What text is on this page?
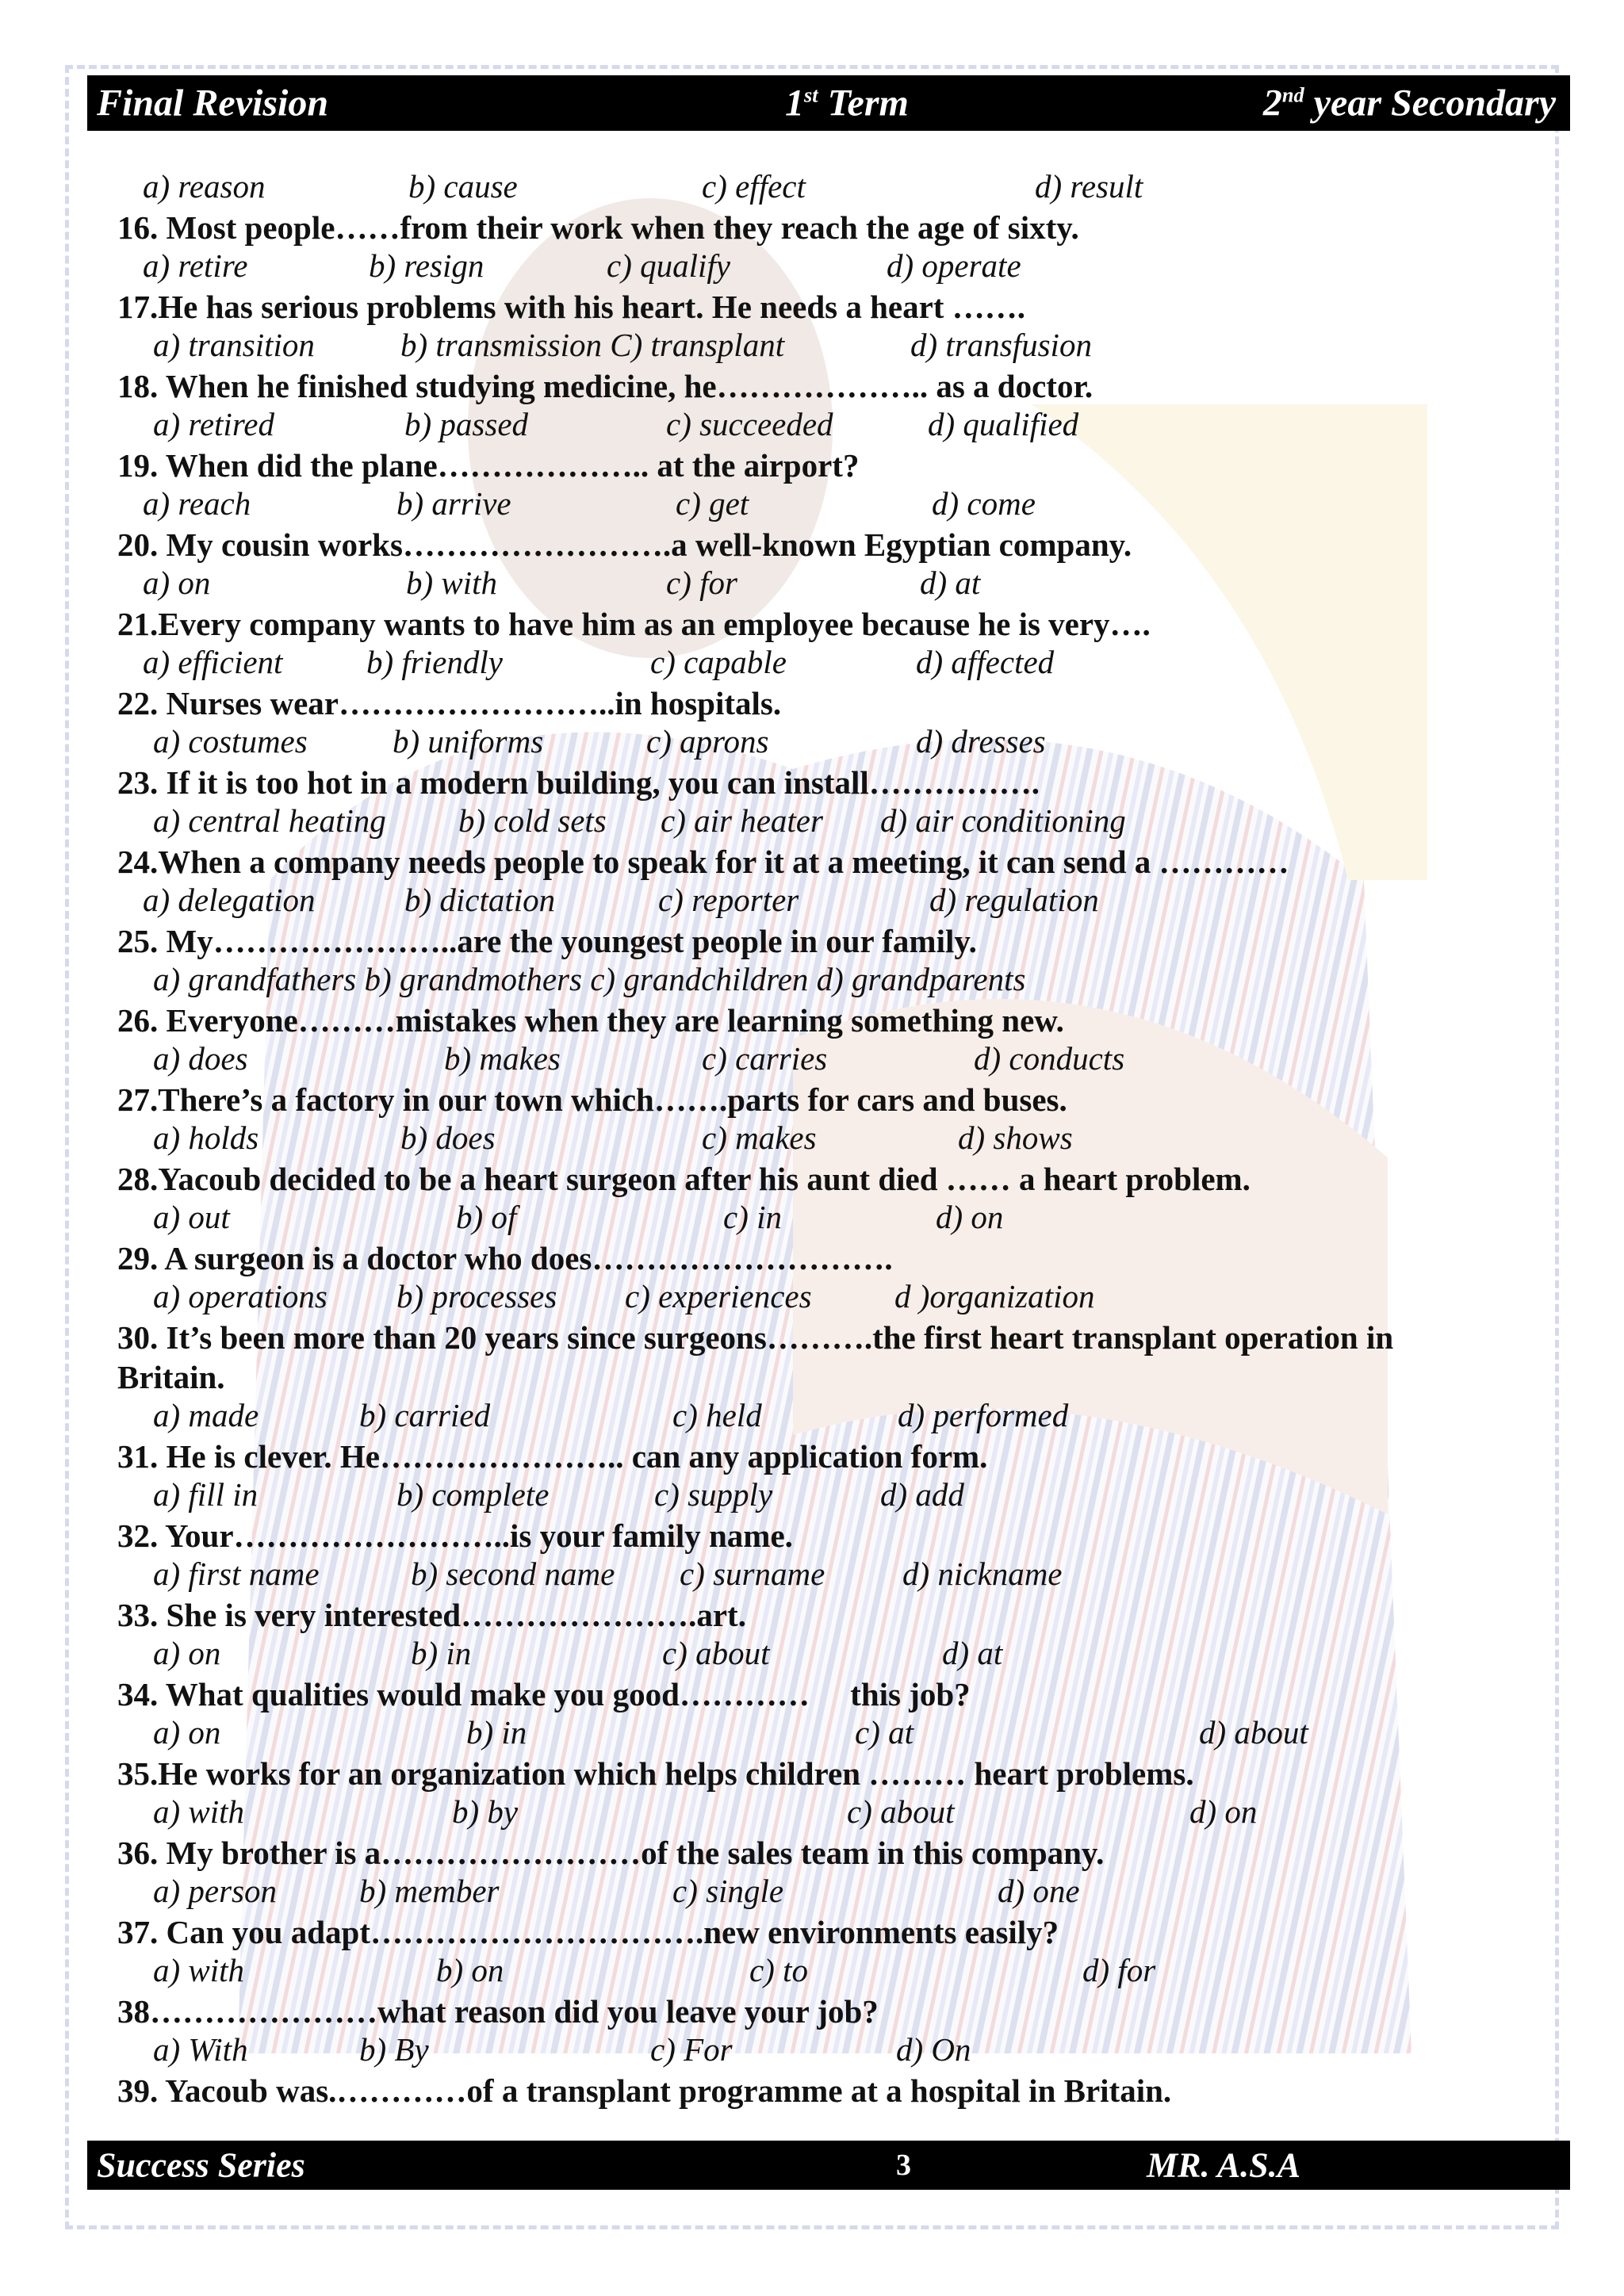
Final Revision	1st Term	2nd year Secondary
a) reason	b) cause	c) effect	d) result
16. Most people……from their work when they reach the age of sixty.
a) retire	b) resign	c) qualify	d) operate
17.He has serious problems with his heart. He needs a heart …….
a) transition	b) transmission C) transplant	d) transfusion
18. When he finished studying medicine, he……………….. as a doctor.
a) retired	b) passed	c) succeeded	d) qualified
19. When did the plane……………….. at the airport?
a) reach	b) arrive	c) get	d) come
20. My cousin works…………………….a well-known Egyptian company.
a) on	b) with	c) for	d) at
21.Every company wants to have him as an employee because he is very….
a) efficient	b) friendly	c) capable	d) affected
22. Nurses wear……………………..in hospitals.
a) costumes	b) uniforms	c) aprons	d) dresses
23. If it is too hot in a modern building, you can install…………….
a) central heating b) cold sets c) air heater d) air conditioning
24.When a company needs people to speak for it at a meeting, it can send a …………
a) delegation	b) dictation	c) reporter	d) regulation
25. My…………………..are the youngest people in our family.
a) grandfathers b) grandmothers c) grandchildren d) grandparents
26. Everyone………mistakes when they are learning something new.
a) does	b) makes	c) carries	d) conducts
27.There’s a factory in our town which…….parts for cars and buses.
a) holds	b) does	c) makes	d) shows
28.Yacoub decided to be a heart surgeon after his aunt died …… a heart problem.
a) out	b) of	c) in	d) on
29. A surgeon is a doctor who does……………………….
a) operations b) processes c) experiences	d )organization
30. It’s been more than 20 years since surgeons……….the first heart transplant operation in Britain.
a) made	b) carried	c) held	d) performed
31. He is clever. He………………….. can any application form.
a) fill in	b) complete	c) supply	d) add
32. Your……………………..is your family name.
a) first name	b) second name c) surname d) nickname
33. She is very interested………………….art.
a) on	b) in	c) about	d) at
34. What qualities would make you good…………     this job?
a) on	b) in	c) at	d) about
35.He works for an organization which helps children ……… heart problems.
a) with	b) by	c) about	d) on
36. My brother is a……………………of the sales team in this company.
a) person	b) member	c) single	d) one
37. Can you adapt………………………….new environments easily?
a) with	b) on	c) to	d) for
38…………………what reason did you leave your job?
a) With	b) By	c) For	d) On
39. Yacoub was.…………of a transplant programme at a hospital in Britain.
Success Series	3	MR. A.S.A
